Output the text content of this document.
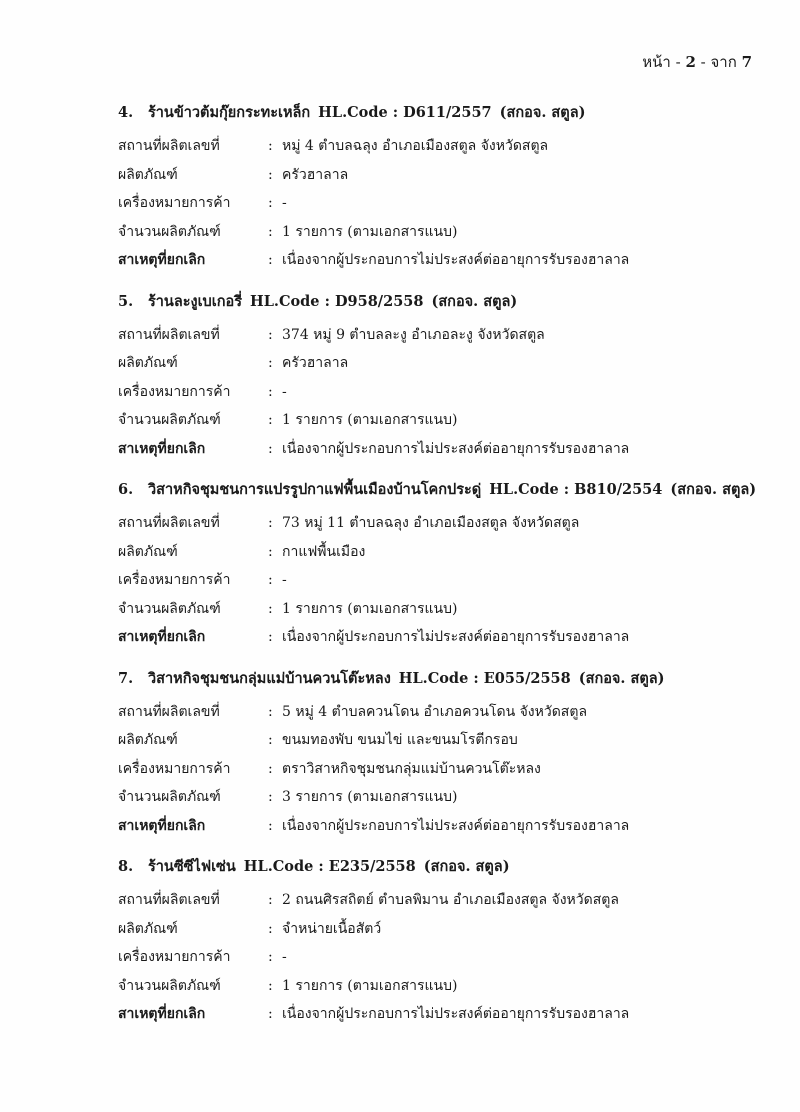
หน้า - 2 - จาก 7
4. ร้านข้าวต้มกุ๊ยกระทะเหล็ก HL.Code : D611/2557 (สกอจ. สตูล)
สถานที่ผลิตเลขที่	: หมู่ 4 ตำบลฉลุง อำเภอเมืองสตูล จังหวัดสตูล
ผลิตภัณฑ์	: ครัวฮาลาล
เครื่องหมายการค้า	: -
จำนวนผลิตภัณฑ์	: 1 รายการ (ตามเอกสารแนบ)
สาเหตุที่ยกเลิก	: เนื่องจากผู้ประกอบการไม่ประสงค์ต่ออายุการรับรองฮาลาล
5. ร้านละงูเบเกอรี่ HL.Code : D958/2558 (สกอจ. สตูล)
สถานที่ผลิตเลขที่	: 374 หมู่ 9 ตำบลละงู อำเภอละงู จังหวัดสตูล
ผลิตภัณฑ์	: ครัวฮาลาล
เครื่องหมายการค้า	: -
จำนวนผลิตภัณฑ์	: 1 รายการ (ตามเอกสารแนบ)
สาเหตุที่ยกเลิก	: เนื่องจากผู้ประกอบการไม่ประสงค์ต่ออายุการรับรองฮาลาล
6. วิสาหกิจชุมชนการแปรรูปกาแฟพื้นเมืองบ้านโคกประดู่ HL.Code : B810/2554 (สกอจ. สตูล)
สถานที่ผลิตเลขที่	: 73 หมู่ 11 ตำบลฉลุง อำเภอเมืองสตูล จังหวัดสตูล
ผลิตภัณฑ์	: กาแฟพื้นเมือง
เครื่องหมายการค้า	: -
จำนวนผลิตภัณฑ์	: 1 รายการ (ตามเอกสารแนบ)
สาเหตุที่ยกเลิก	: เนื่องจากผู้ประกอบการไม่ประสงค์ต่ออายุการรับรองฮาลาล
7. วิสาหกิจชุมชนกลุ่มแม่บ้านควนโต๊ะหลง HL.Code : E055/2558 (สกอจ. สตูล)
สถานที่ผลิตเลขที่	: 5 หมู่ 4 ตำบลควนโดน อำเภอควนโดน จังหวัดสตูล
ผลิตภัณฑ์	: ขนมทองพับ ขนมไข่ และขนมโรตีกรอบ
เครื่องหมายการค้า	: ตราวิสาหกิจชุมชนกลุ่มแม่บ้านควนโต๊ะหลง
จำนวนผลิตภัณฑ์	: 3 รายการ (ตามเอกสารแนบ)
สาเหตุที่ยกเลิก	: เนื่องจากผู้ประกอบการไม่ประสงค์ต่ออายุการรับรองฮาลาล
8. ร้านซีซีไฟเซ่น HL.Code : E235/2558 (สกอจ. สตูล)
สถานที่ผลิตเลขที่	: 2 ถนนศิรสถิตย์ ตำบลพิมาน อำเภอเมืองสตูล จังหวัดสตูล
ผลิตภัณฑ์	: จำหน่ายเนื้อสัตว์
เครื่องหมายการค้า	: -
จำนวนผลิตภัณฑ์	: 1 รายการ (ตามเอกสารแนบ)
สาเหตุที่ยกเลิก	: เนื่องจากผู้ประกอบการไม่ประสงค์ต่ออายุการรับรองฮาลาล
